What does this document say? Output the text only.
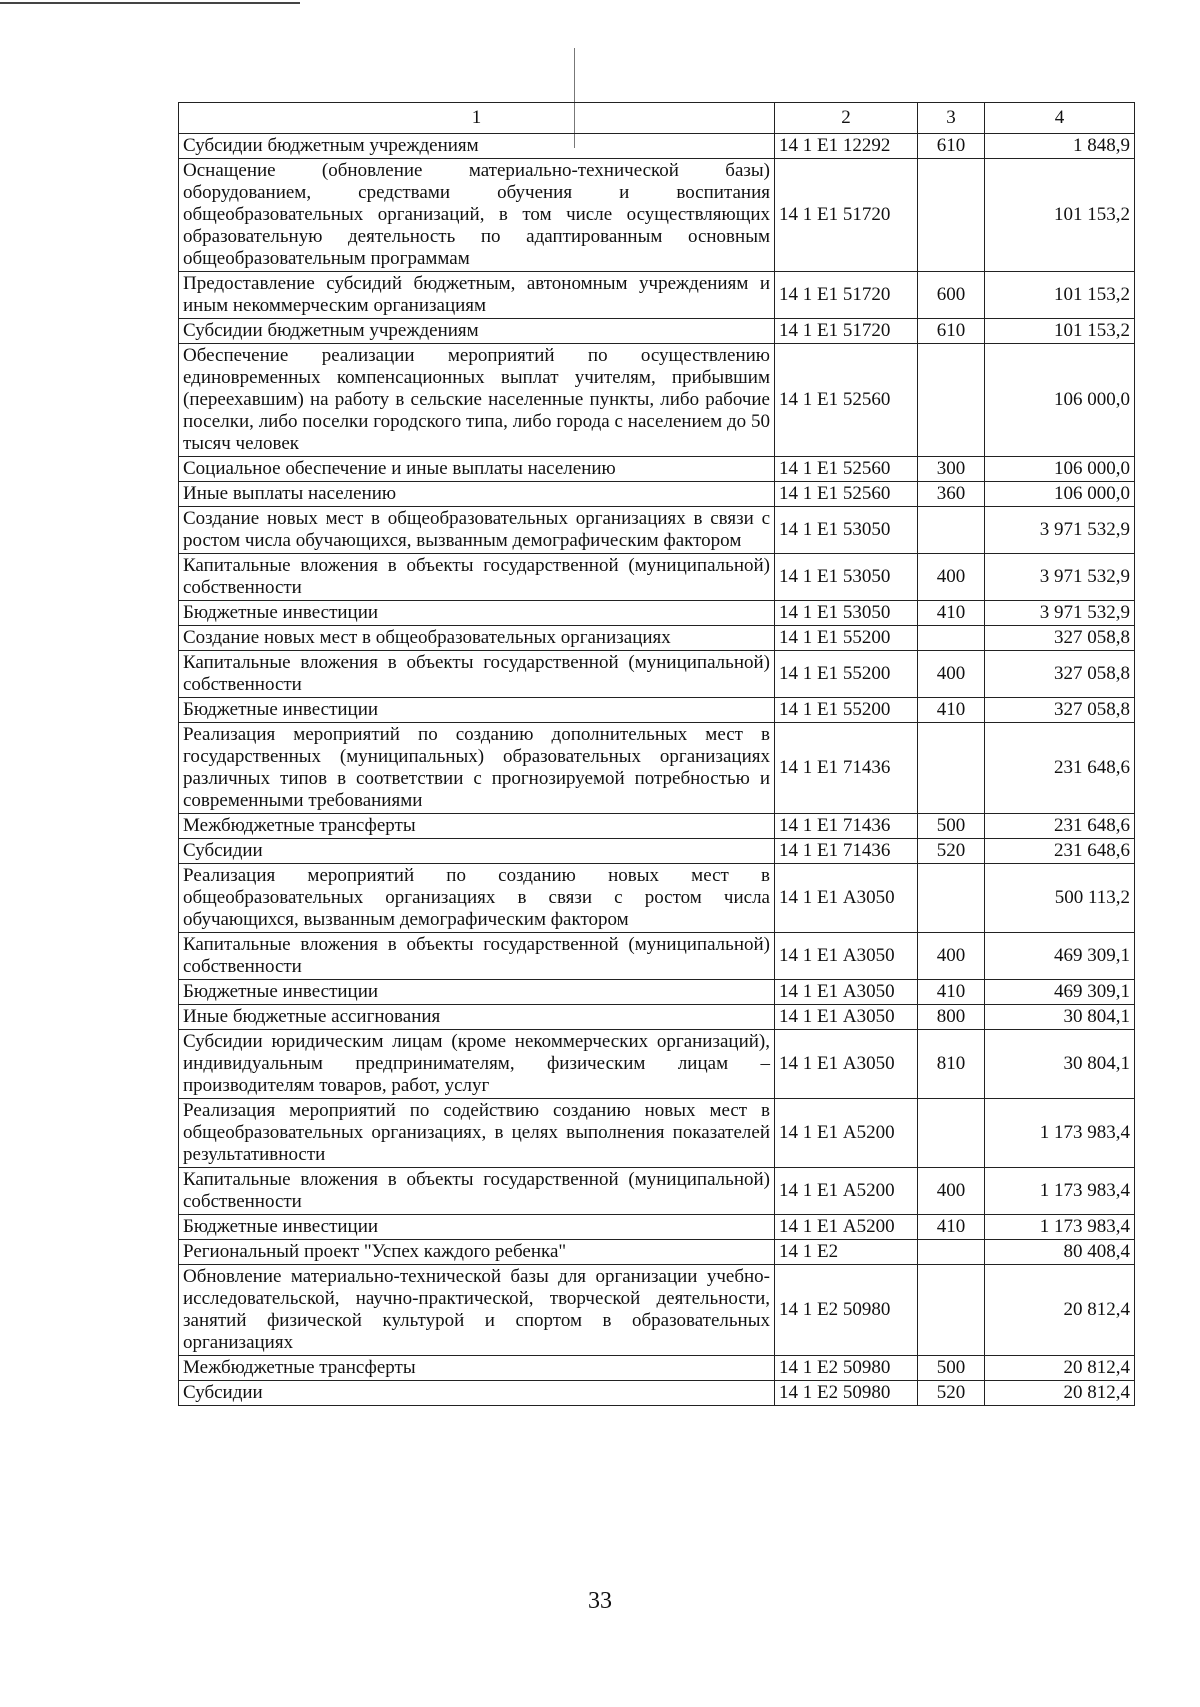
1	2	3	4
Субсидии бюджетным учреждениям	14 1 Е1 12292	610	1 848,9
Оснащение (обновление материально-технической базы) оборудованием, средствами обучения и воспитания общеобразовательных организаций, в том числе осуществляющих образовательную деятельность по адаптированным основным общеобразовательным программам	14 1 Е1 51720		101 153,2
Предоставление субсидий бюджетным, автономным учреждениям и иным некоммерческим организациям	14 1 Е1 51720	600	101 153,2
Субсидии бюджетным учреждениям	14 1 Е1 51720	610	101 153,2
Обеспечение реализации мероприятий по осуществлению единовременных компенсационных выплат учителям, прибывшим (переехавшим) на работу в сельские населенные пункты, либо рабочие поселки, либо поселки городского типа, либо города с населением до 50 тысяч человек	14 1 Е1 52560		106 000,0
Социальное обеспечение и иные выплаты населению	14 1 Е1 52560	300	106 000,0
Иные выплаты населению	14 1 Е1 52560	360	106 000,0
Создание новых мест в общеобразовательных организациях в связи с ростом числа обучающихся, вызванным демографическим фактором	14 1 Е1 53050		3 971 532,9
Капитальные вложения в объекты государственной (муниципальной) собственности	14 1 Е1 53050	400	3 971 532,9
Бюджетные инвестиции	14 1 Е1 53050	410	3 971 532,9
Создание новых мест в общеобразовательных организациях	14 1 Е1 55200		327 058,8
Капитальные вложения в объекты государственной (муниципальной) собственности	14 1 Е1 55200	400	327 058,8
Бюджетные инвестиции	14 1 Е1 55200	410	327 058,8
Реализация мероприятий по созданию дополнительных мест в государственных (муниципальных) образовательных организациях различных типов в соответствии с прогнозируемой потребностью и современными требованиями	14 1 Е1 71436		231 648,6
Межбюджетные трансферты	14 1 Е1 71436	500	231 648,6
Субсидии	14 1 Е1 71436	520	231 648,6
Реализация мероприятий по созданию новых мест в общеобразовательных организациях в связи с ростом числа обучающихся, вызванным демографическим фактором	14 1 Е1 А3050		500 113,2
Капитальные вложения в объекты государственной (муниципальной) собственности	14 1 Е1 А3050	400	469 309,1
Бюджетные инвестиции	14 1 Е1 А3050	410	469 309,1
Иные бюджетные ассигнования	14 1 Е1 А3050	800	30 804,1
Субсидии юридическим лицам (кроме некоммерческих организаций), индивидуальным предпринимателям, физическим лицам – производителям товаров, работ, услуг	14 1 Е1 А3050	810	30 804,1
Реализация мероприятий по содействию созданию новых мест в общеобразовательных организациях, в целях выполнения показателей результативности	14 1 Е1 А5200		1 173 983,4
Капитальные вложения в объекты государственной (муниципальной) собственности	14 1 Е1 А5200	400	1 173 983,4
Бюджетные инвестиции	14 1 Е1 А5200	410	1 173 983,4
Региональный проект "Успех каждого ребенка"	14 1 Е2		80 408,4
Обновление материально-технической базы для организации учебно-исследовательской, научно-практической, творческой деятельности, занятий физической культурой и спортом в образовательных организациях	14 1 Е2 50980		20 812,4
Межбюджетные трансферты	14 1 Е2 50980	500	20 812,4
Субсидии	14 1 Е2 50980	520	20 812,4
33
